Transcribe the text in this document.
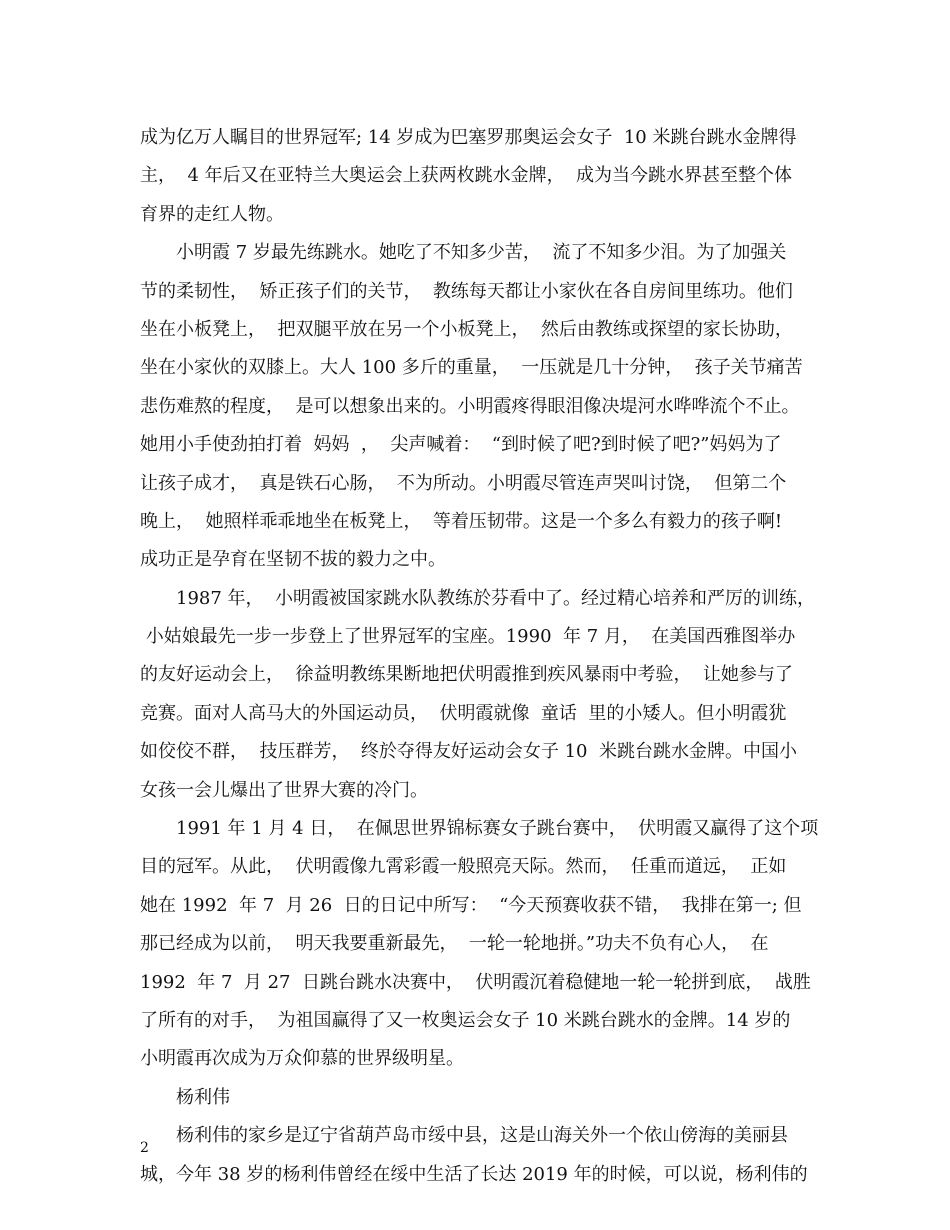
成为亿万人瞩目的世界冠军; 14 岁成为巴塞罗那奥运会女子  10 米跳台跳水金牌得
主，  4 年后又在亚特兰大奥运会上获两枚跳水金牌，  成为当今跳水界甚至整个体
育界的走红人物。
小明霞 7 岁最先练跳水。她吃了不知多少苦，  流了不知多少泪。为了加强关
节的柔韧性，  矫正孩子们的关节，  教练每天都让小家伙在各自房间里练功。他们
坐在小板凳上，  把双腿平放在另一个小板凳上，  然后由教练或探望的家长协助，
坐在小家伙的双膝上。大人 100 多斤的重量，  一压就是几十分钟，  孩子关节痛苦
悲伤难熬的程度，  是可以想象出来的。小明霞疼得眼泪像决堤河水哗哗流个不止。
她用小手使劲拍打着  妈妈  ，  尖声喊着：  “到时候了吧?到时候了吧?”妈妈为了
让孩子成才，  真是铁石心肠，  不为所动。小明霞尽管连声哭叫讨饶，  但第二个
晚上，  她照样乖乖地坐在板凳上，  等着压韧带。这是一个多么有毅力的孩子啊!
成功正是孕育在坚韧不拔的毅力之中。
1987 年，  小明霞被国家跳水队教练於芬看中了。经过精心培养和严厉的训练，
小姑娘最先一步一步登上了世界冠军的宝座。1990  年 7 月，  在美国西雅图举办
的友好运动会上，  徐益明教练果断地把伏明霞推到疾风暴雨中考验，  让她参与了
竞赛。面对人高马大的外国运动员，  伏明霞就像  童话  里的小矮人。但小明霞犹
如佼佼不群，  技压群芳，  终於夺得友好运动会女子 10  米跳台跳水金牌。中国小
女孩一会儿爆出了世界大赛的冷门。
1991 年 1 月 4 日，  在佩思世界锦标赛女子跳台赛中，  伏明霞又赢得了这个项
目的冠军。从此，  伏明霞像九霄彩霞一般照亮天际。然而，  任重而道远，  正如
她在 1992  年 7  月 26  日的日记中所写：  “今天预赛收获不错，  我排在第一; 但
那已经成为以前，  明天我要重新最先，  一轮一轮地拼。”功夫不负有心人，  在
1992  年 7  月 27  日跳台跳水决赛中，  伏明霞沉着稳健地一轮一轮拼到底，  战胜
了所有的对手，  为祖国赢得了又一枚奥运会女子 10 米跳台跳水的金牌。14 岁的
小明霞再次成为万众仰慕的世界级明星。
杨利伟
杨利伟的家乡是辽宁省葫芦岛市绥中县，这是山海关外一个依山傍海的美丽县
城，今年 38 岁的杨利伟曾经在绥中生活了长达 2019 年的时候，可以说，杨利伟的
2
